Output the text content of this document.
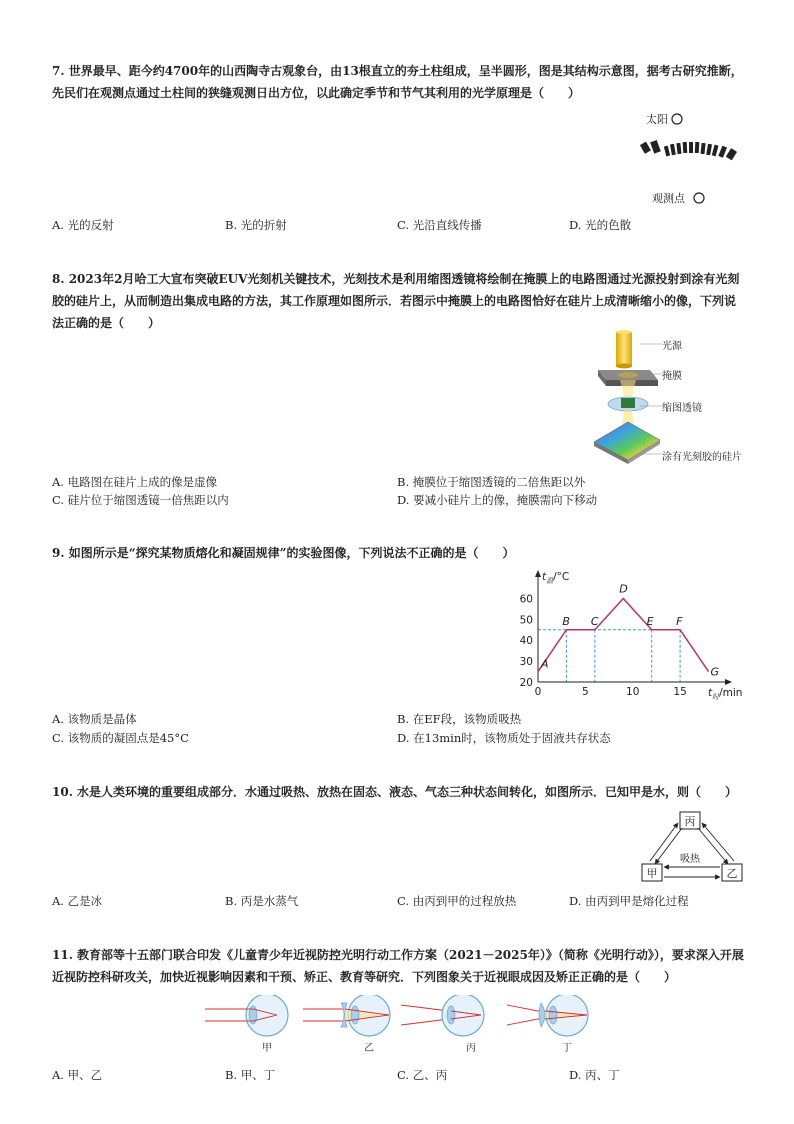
7. 世界最早、距今约4700年的山西陶寺古观象台，由13根直立的夯土柱组成，呈半圆形，图是其结构示意图，据考古研究推断，先民们在观测点通过土柱间的狭缝观测日出方位，以此确定季节和节气其利用的光学原理是（　　）
太阳
观测点
A. 光的反射	B. 光的折射	C. 光沿直线传播	D. 光的色散
8. 2023年2月哈工大宣布突破EUV光刻机关键技术，光刻技术是利用缩图透镜将绘制在掩膜上的电路图通过光源投射到涂有光刻胶的硅片上，从而制造出集成电路的方法，其工作原理如图所示．若图示中掩膜上的电路图恰好在硅片上成清晰缩小的像，下列说法正确的是（　　）
光源
掩膜
缩图透镜
涂有光刻胶的硅片
A. 电路图在硅片上成的像是虚像	B. 掩膜位于缩图透镜的二倍焦距以外
C. 硅片位于缩图透镜一倍焦距以内	D. 要减小硅片上的像，掩膜需向下移动
9. 如图所示是“探究某物质熔化和凝固规律”的实验图像，下列说法不正确的是（　　）
$t_温/^\circ C$
$t_时/\min$
20
30
40
50
60
0	5	10	15
A
B C
D
E F
G
A. 该物质是晶体	B. 在EF段，该物质吸热
C. 该物质的凝固点是45°C	D. 在13min时，该物质处于固液共存状态
10. 水是人类环境的重要组成部分．水通过吸热、放热在固态、液态、气态三种状态间转化，如图所示．已知甲是水，则（　　）
丙
甲	乙
吸热
A. 乙是冰	B. 丙是水蒸气	C. 由丙到甲的过程放热	D. 由丙到甲是熔化过程
11. 教育部等十五部门联合印发《儿童青少年近视防控光明行动工作方案（2021－2025年）》（简称《光明行动》），要求深入开展近视防控科研攻关，加快近视影响因素和干预、矫正、教育等研究．下列图象关于近视眼成因及矫正正确的是（　　）
甲	乙	丙	丁
A. 甲、乙	B. 甲、丁	C. 乙、丙	D. 丙、丁
